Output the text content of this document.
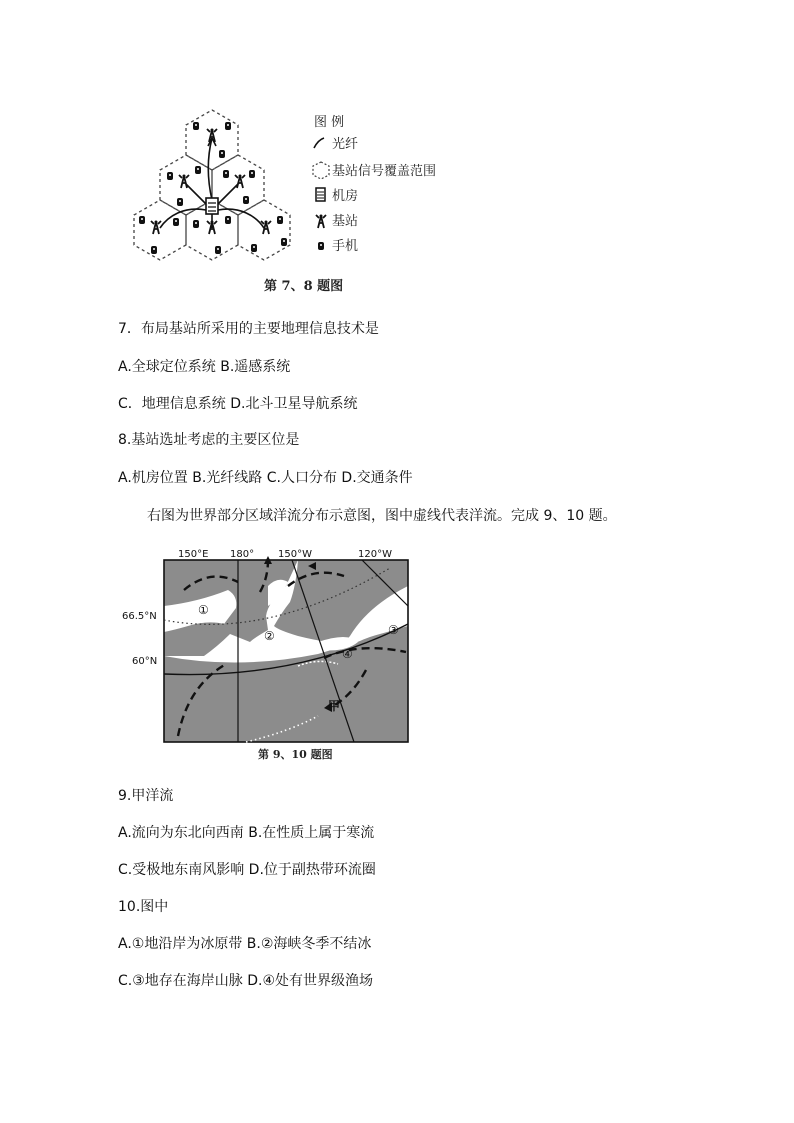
图 例
光纤
基站信号覆盖范围
机房
基站
手机
第 7、8 题图
7．布局基站所采用的主要地理信息技术是
A.全球定位系统 B.遥感系统
C．地理信息系统 D.北斗卫星导航系统
8.基站选址考虑的主要区位是
A.机房位置 B.光纤线路 C.人口分布 D.交通条件
右图为世界部分区域洋流分布示意图，图中虚线代表洋流。完成 9、10 题。
150°E 180° 150°W	120°W
66.5°N
60°N
①
②	③
④
甲
第 9、10 题图
9.甲洋流
A.流向为东北向西南 B.在性质上属于寒流
C.受极地东南风影响 D.位于副热带环流圈
10.图中
A.①地沿岸为冰原带 B.②海峡冬季不结冰
C.③地存在海岸山脉 D.④处有世界级渔场
